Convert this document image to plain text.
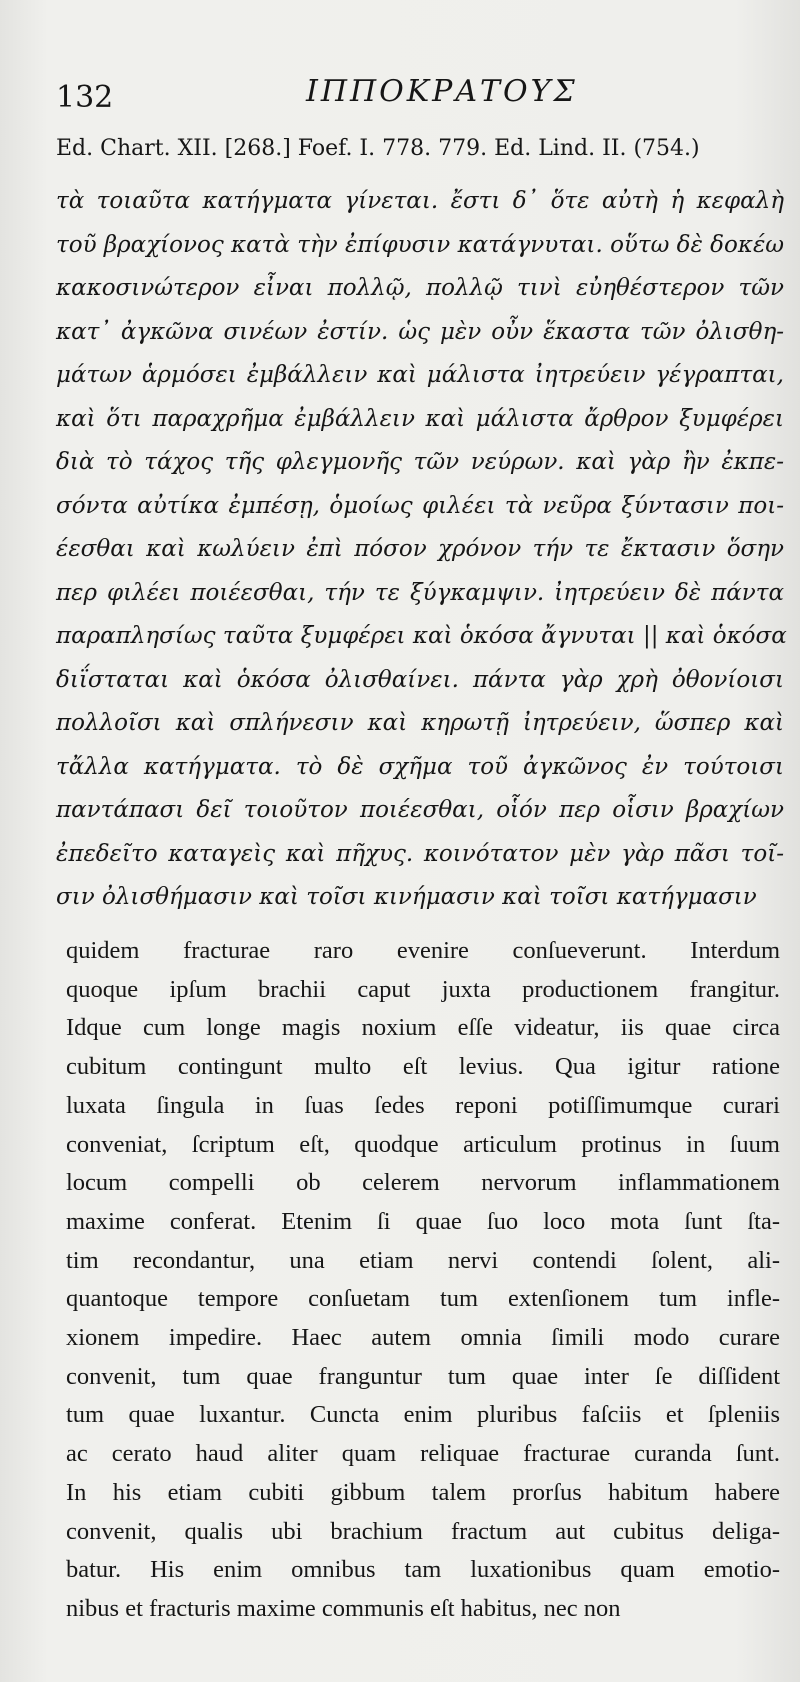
132	ΙΠΠΟΚΡΑΤΟΥΣ
Ed. Chart. XII. [268.] Foef. I. 778. 779. Ed. Lind. II. (754.)
τὰ τοιαῦτα κατήγματα γίνεται. ἔστι δ᾿ ὅτε αὐτὴ ἡ κεφαλὴ
τοῦ βραχίονος κατὰ τὴν ἐπίφυσιν κατάγνυται. οὕτω δὲ δοκέω
κακοσινώτερον εἶναι πολλῷ, πολλῷ τινὶ εὐηθέστερον τῶν
κατ᾿ ἀγκῶνα σινέων ἐστίν. ὡς μὲν οὖν ἕκαστα τῶν ὀλισθη-
μάτων ἁρμόσει ἐμβάλλειν καὶ μάλιστα ἰητρεύειν γέγραπται,
καὶ ὅτι παραχρῆμα ἐμβάλλειν καὶ μάλιστα ἄρθρον ξυμφέρει
διὰ τὸ τάχος τῆς φλεγμονῆς τῶν νεύρων. καὶ γὰρ ἢν ἐκπε-
σόντα αὐτίκα ἐμπέσῃ, ὁμοίως φιλέει τὰ νεῦρα ξύντασιν ποι-
έεσθαι καὶ κωλύειν ἐπὶ πόσον χρόνον τήν τε ἔκτασιν ὅσην
περ φιλέει ποιέεσθαι, τήν τε ξύγκαμψιν. ἰητρεύειν δὲ πάντα
παραπλησίως ταῦτα ξυμφέρει καὶ ὁκόσα ἄγνυται || καὶ ὁκόσα
διΐσταται καὶ ὁκόσα ὀλισθαίνει. πάντα γὰρ χρὴ ὀθονίοισι
πολλοῖσι καὶ σπλήνεσιν καὶ κηρωτῇ ἰητρεύειν, ὥσπερ καὶ
τἄλλα κατήγματα. τὸ δὲ σχῆμα τοῦ ἀγκῶνος ἐν τούτοισι
παντάπασι δεῖ τοιοῦτον ποιέεσθαι, οἷόν περ οἷσιν βραχίων
ἐπεδεῖτο καταγεὶς καὶ πῆχυς. κοινότατον μὲν γὰρ πᾶσι τοῖ-
σιν ὀλισθήμασιν καὶ τοῖσι κινήμασιν καὶ τοῖσι κατήγμασιν
quidem fracturae raro evenire conſueverunt. Interdum
quoque ipſum brachii caput juxta productionem frangitur.
Idque cum longe magis noxium eſſe videatur, iis quae circa
cubitum contingunt multo eſt levius. Qua igitur ratione
luxata ſingula in ſuas ſedes reponi potiſſimumque curari
conveniat, ſcriptum eſt, quodque articulum protinus in ſuum
locum compelli ob celerem nervorum inflammationem
maxime conferat. Etenim ſi quae ſuo loco mota ſunt ſta-
tim recondantur, una etiam nervi contendi ſolent, ali-
quantoque tempore conſuetam tum extenſionem tum infle-
xionem impedire. Haec autem omnia ſimili modo curare
convenit, tum quae franguntur tum quae inter ſe diſſident
tum quae luxantur. Cuncta enim pluribus faſciis et ſpleniis
ac cerato haud aliter quam reliquae fracturae curanda ſunt.
In his etiam cubiti gibbum talem prorſus habitum habere
convenit, qualis ubi brachium fractum aut cubitus deliga-
batur. His enim omnibus tam luxationibus quam emotio-
nibus et fracturis maxime communis eſt habitus, nec non
